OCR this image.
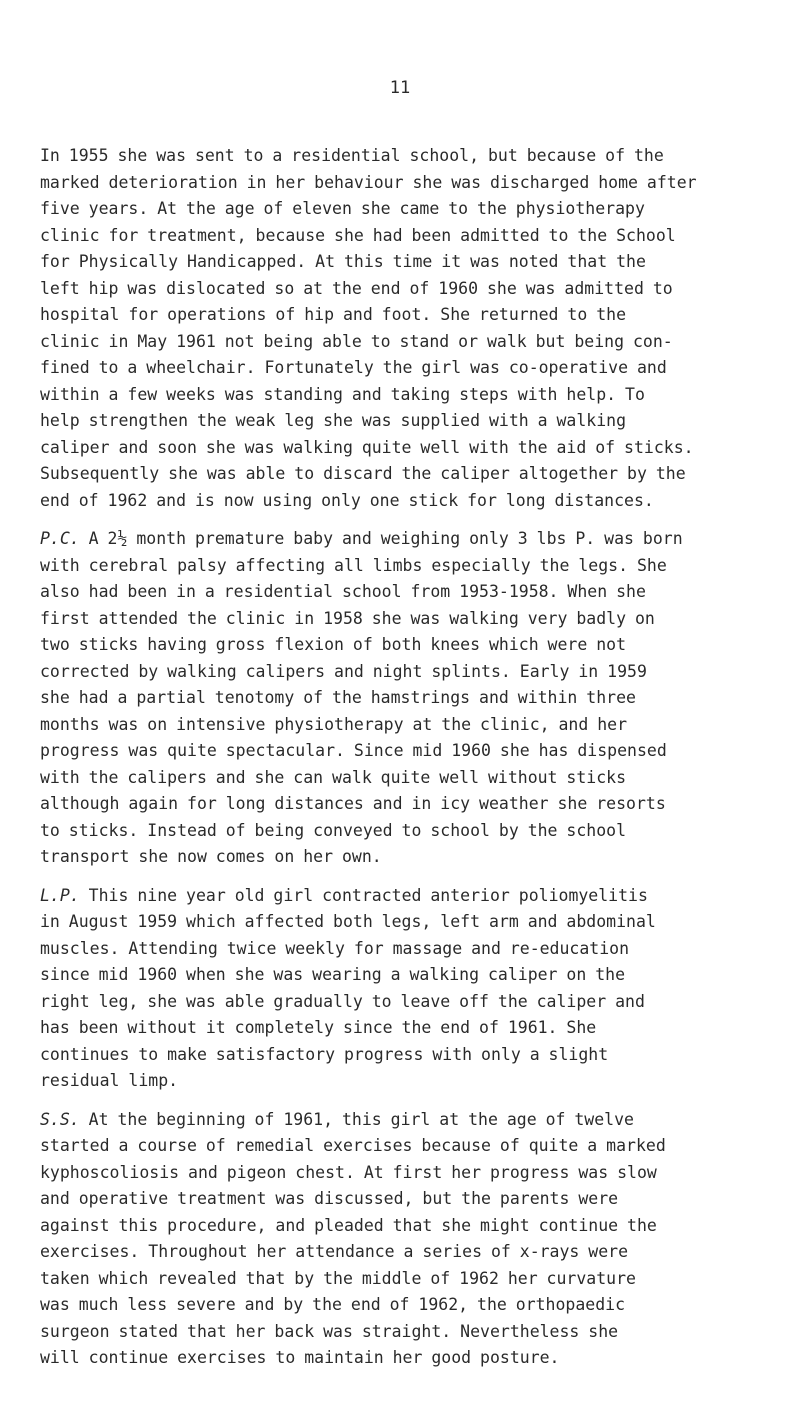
11
In 1955 she was sent to a residential school, but because of the
marked deterioration in her behaviour she was discharged home after
five years. At the age of eleven she came to the physiotherapy
clinic for treatment, because she had been admitted to the School
for Physically Handicapped. At this time it was noted that the
left hip was dislocated so at the end of 1960 she was admitted to
hospital for operations of hip and foot. She returned to the
clinic in May 1961 not being able to stand or walk but being con-
fined to a wheelchair. Fortunately the girl was co-operative and
within a few weeks was standing and taking steps with help. To
help strengthen the weak leg she was supplied with a walking
caliper and soon she was walking quite well with the aid of sticks.
Subsequently she was able to discard the caliper altogether by the
end of 1962 and is now using only one stick for long distances.
P.C. A 2½ month premature baby and weighing only 3 lbs P. was born
with cerebral palsy affecting all limbs especially the legs. She
also had been in a residential school from 1953-1958. When she
first attended the clinic in 1958 she was walking very badly on
two sticks having gross flexion of both knees which were not
corrected by walking calipers and night splints. Early in 1959
she had a partial tenotomy of the hamstrings and within three
months was on intensive physiotherapy at the clinic, and her
progress was quite spectacular. Since mid 1960 she has dispensed
with the calipers and she can walk quite well without sticks
although again for long distances and in icy weather she resorts
to sticks. Instead of being conveyed to school by the school
transport she now comes on her own.
L.P. This nine year old girl contracted anterior poliomyelitis
in August 1959 which affected both legs, left arm and abdominal
muscles. Attending twice weekly for massage and re-education
since mid 1960 when she was wearing a walking caliper on the
right leg, she was able gradually to leave off the caliper and
has been without it completely since the end of 1961. She
continues to make satisfactory progress with only a slight
residual limp.
S.S. At the beginning of 1961, this girl at the age of twelve
started a course of remedial exercises because of quite a marked
kyphoscoliosis and pigeon chest. At first her progress was slow
and operative treatment was discussed, but the parents were
against this procedure, and pleaded that she might continue the
exercises. Throughout her attendance a series of x-rays were
taken which revealed that by the middle of 1962 her curvature
was much less severe and by the end of 1962, the orthopaedic
surgeon stated that her back was straight. Nevertheless she
will continue exercises to maintain her good posture.
